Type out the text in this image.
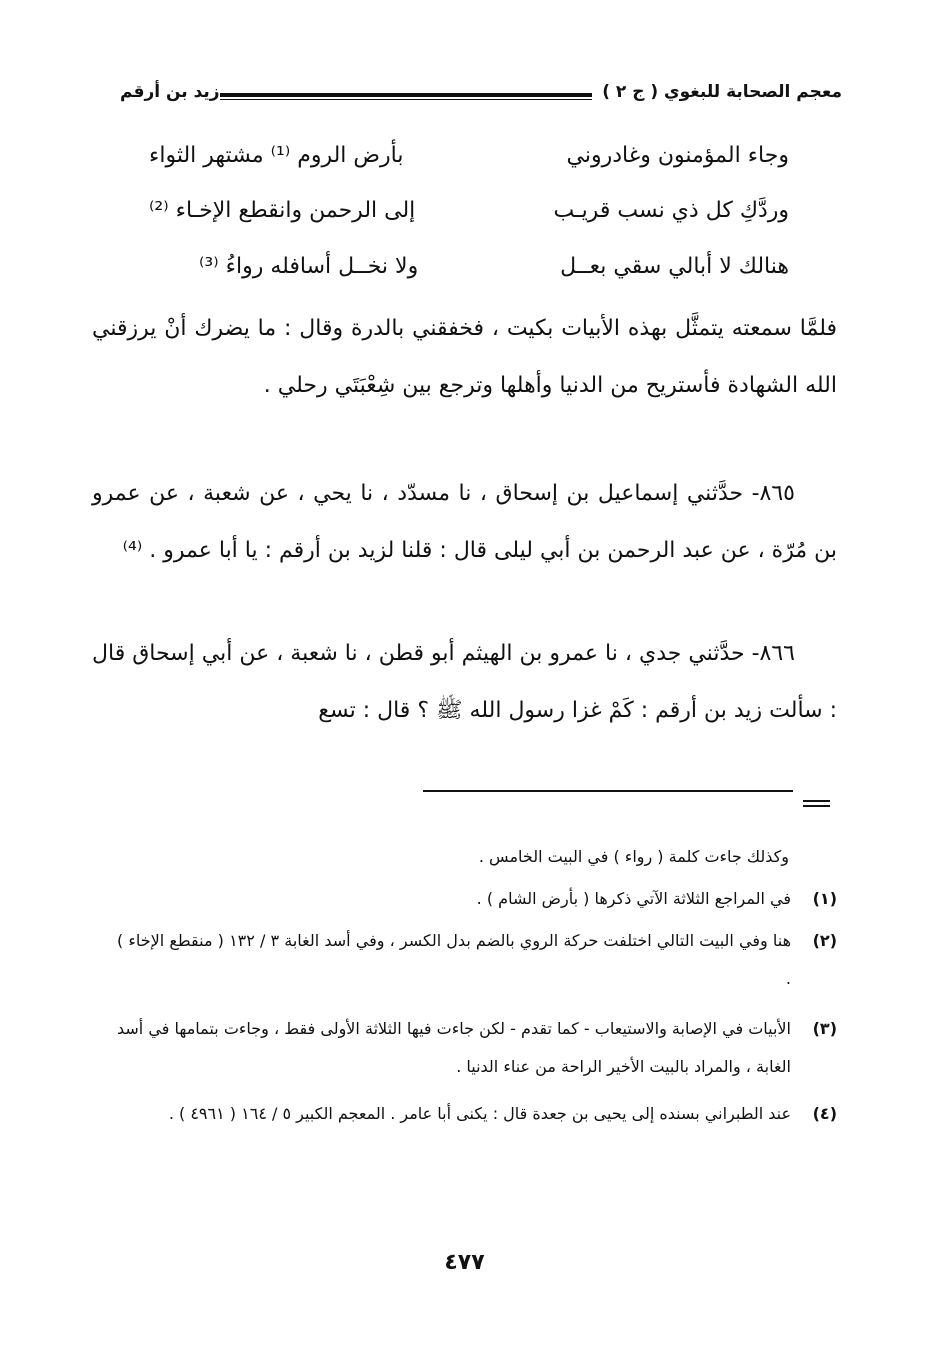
معجم الصحابة للبغوي ( ج ٢ )
زيد بن أرقم
وجاء المؤمنون وغادروني
بأرض الروم ⁽¹⁾ مشتهر الثواء
وردَّكِ كل ذي نسب قريـب
إلى الرحمن وانقطع الإخـاء ⁽²⁾
هنالك لا أبالي سقي بعــل
ولا نخــل أسافله رواءُ ⁽³⁾
فلمَّا سمعته يتمثَّل بهذه الأبيات بكيت ، فخفقني بالدرة وقال : ما يضرك أنْ يرزقني الله الشهادة فأستريح من الدنيا وأهلها وترجع بين شِعْبَتَي رحلي .
٨٦٥- حدَّثني إسماعيل بن إسحاق ، نا مسدّد ، نا يحي ، عن شعبة ، عن عمرو بن مُرّة ، عن عبد الرحمن بن أبي ليلى قال : قلنا لزيد بن أرقم : يا أبا عمرو . ⁽⁴⁾
٨٦٦- حدَّثني جدي ، نا عمرو بن الهيثم أبو قطن ، نا شعبة ، عن أبي إسحاق قال : سألت زيد بن أرقم : كَمْ غزا رسول الله ﷺ ؟ قال : تسع
وكذلك جاءت كلمة ( رواء ) في البيت الخامس .
(١)
في المراجع الثلاثة الآتي ذكرها ( بأرض الشام ) .
(٢)
هنا وفي البيت التالي اختلفت حركة الروي بالضم بدل الكسر ، وفي أسد الغابة ٣ / ١٣٢ ( منقطع الإخاء ) .
(٣)
الأبيات في الإصابة والاستيعاب - كما تقدم - لكن جاءت فيها الثلاثة الأولى فقط ، وجاءت بتمامها في أسد الغابة ، والمراد بالبيت الأخير الراحة من عناء الدنيا .
(٤)
عند الطبراني بسنده إلى يحيى بن جعدة قال : يكنى أبا عامر . المعجم الكبير ٥ / ١٦٤ ( ٤٩٦١ ) .
٤٧٧
